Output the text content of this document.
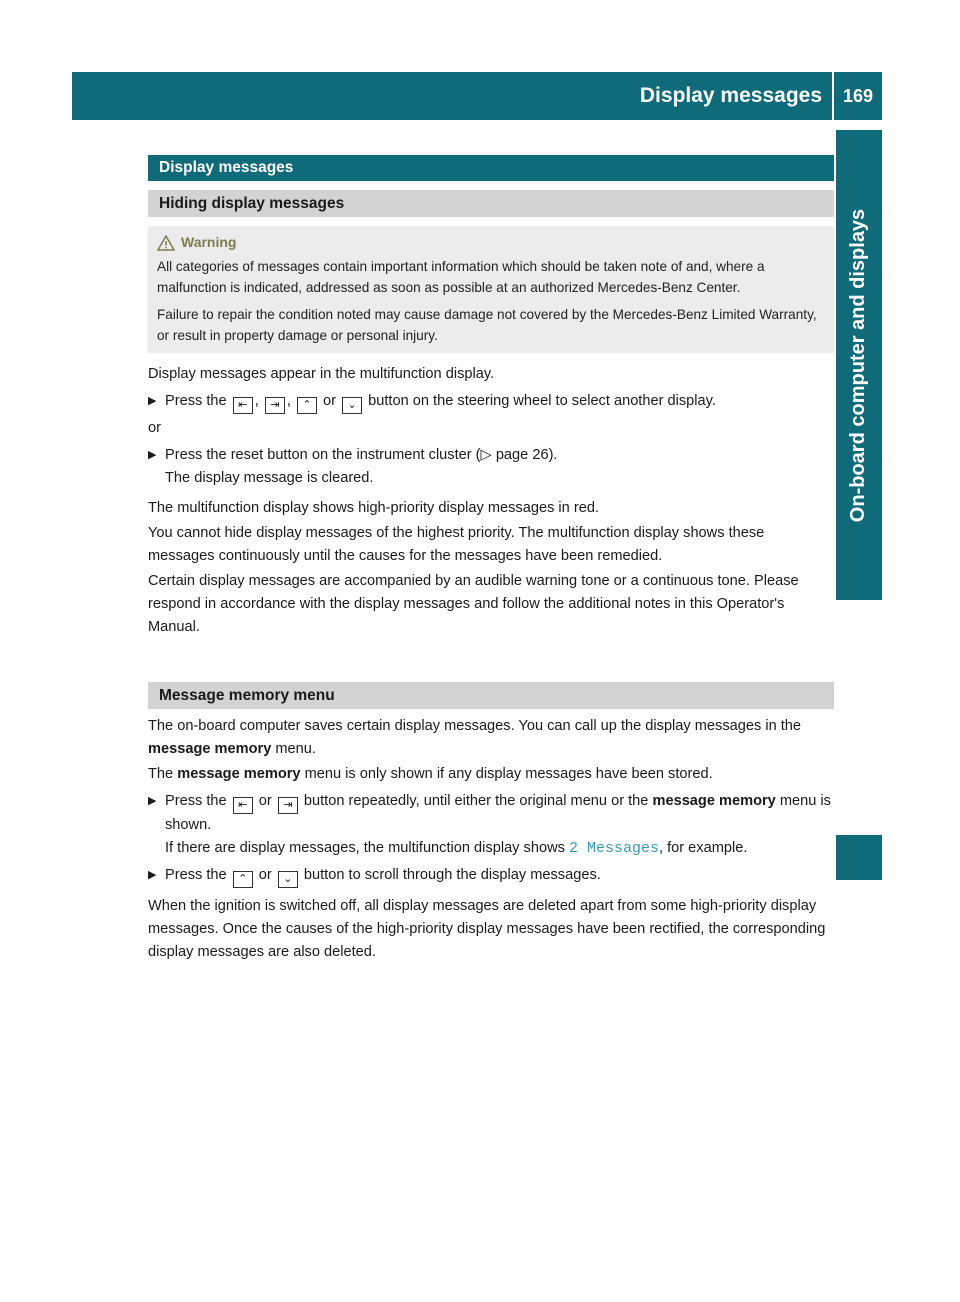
Display messages	169
On-board computer and displays
Display messages
Hiding display messages
Warning

All categories of messages contain important information which should be taken note of and, where a malfunction is indicated, addressed as soon as possible at an authorized Mercedes-Benz Center.

Failure to repair the condition noted may cause damage not covered by the Mercedes-Benz Limited Warranty, or result in property damage or personal injury.

Display messages appear in the multifunction display.

▶ Press the ⇤ , ⇥ , ⌃ or ⌄ button on the steering wheel to select another display.

or

▶ Press the reset button on the instrument cluster (▷ page 26).
The display message is cleared.

The multifunction display shows high-priority display messages in red.

You cannot hide display messages of the highest priority. The multifunction display shows these messages continuously until the causes for the messages have been remedied.

Certain display messages are accompanied by an audible warning tone or a continuous tone. Please respond in accordance with the display messages and follow the additional notes in this Operator's Manual.

Message memory menu

The on-board computer saves certain display messages. You can call up the display messages in the message memory menu.

The message memory menu is only shown if any display messages have been stored.

▶ Press the ⇤ or ⇥ button repeatedly, until either the original menu or the message memory menu is shown.
If there are display messages, the multifunction display shows 2 Messages, for example.
▶ Press the ⌃ or ⌄ button to scroll through the display messages.

When the ignition is switched off, all display messages are deleted apart from some high-priority display messages. Once the causes of the high-priority display messages have been rectified, the corresponding display messages are also deleted.
